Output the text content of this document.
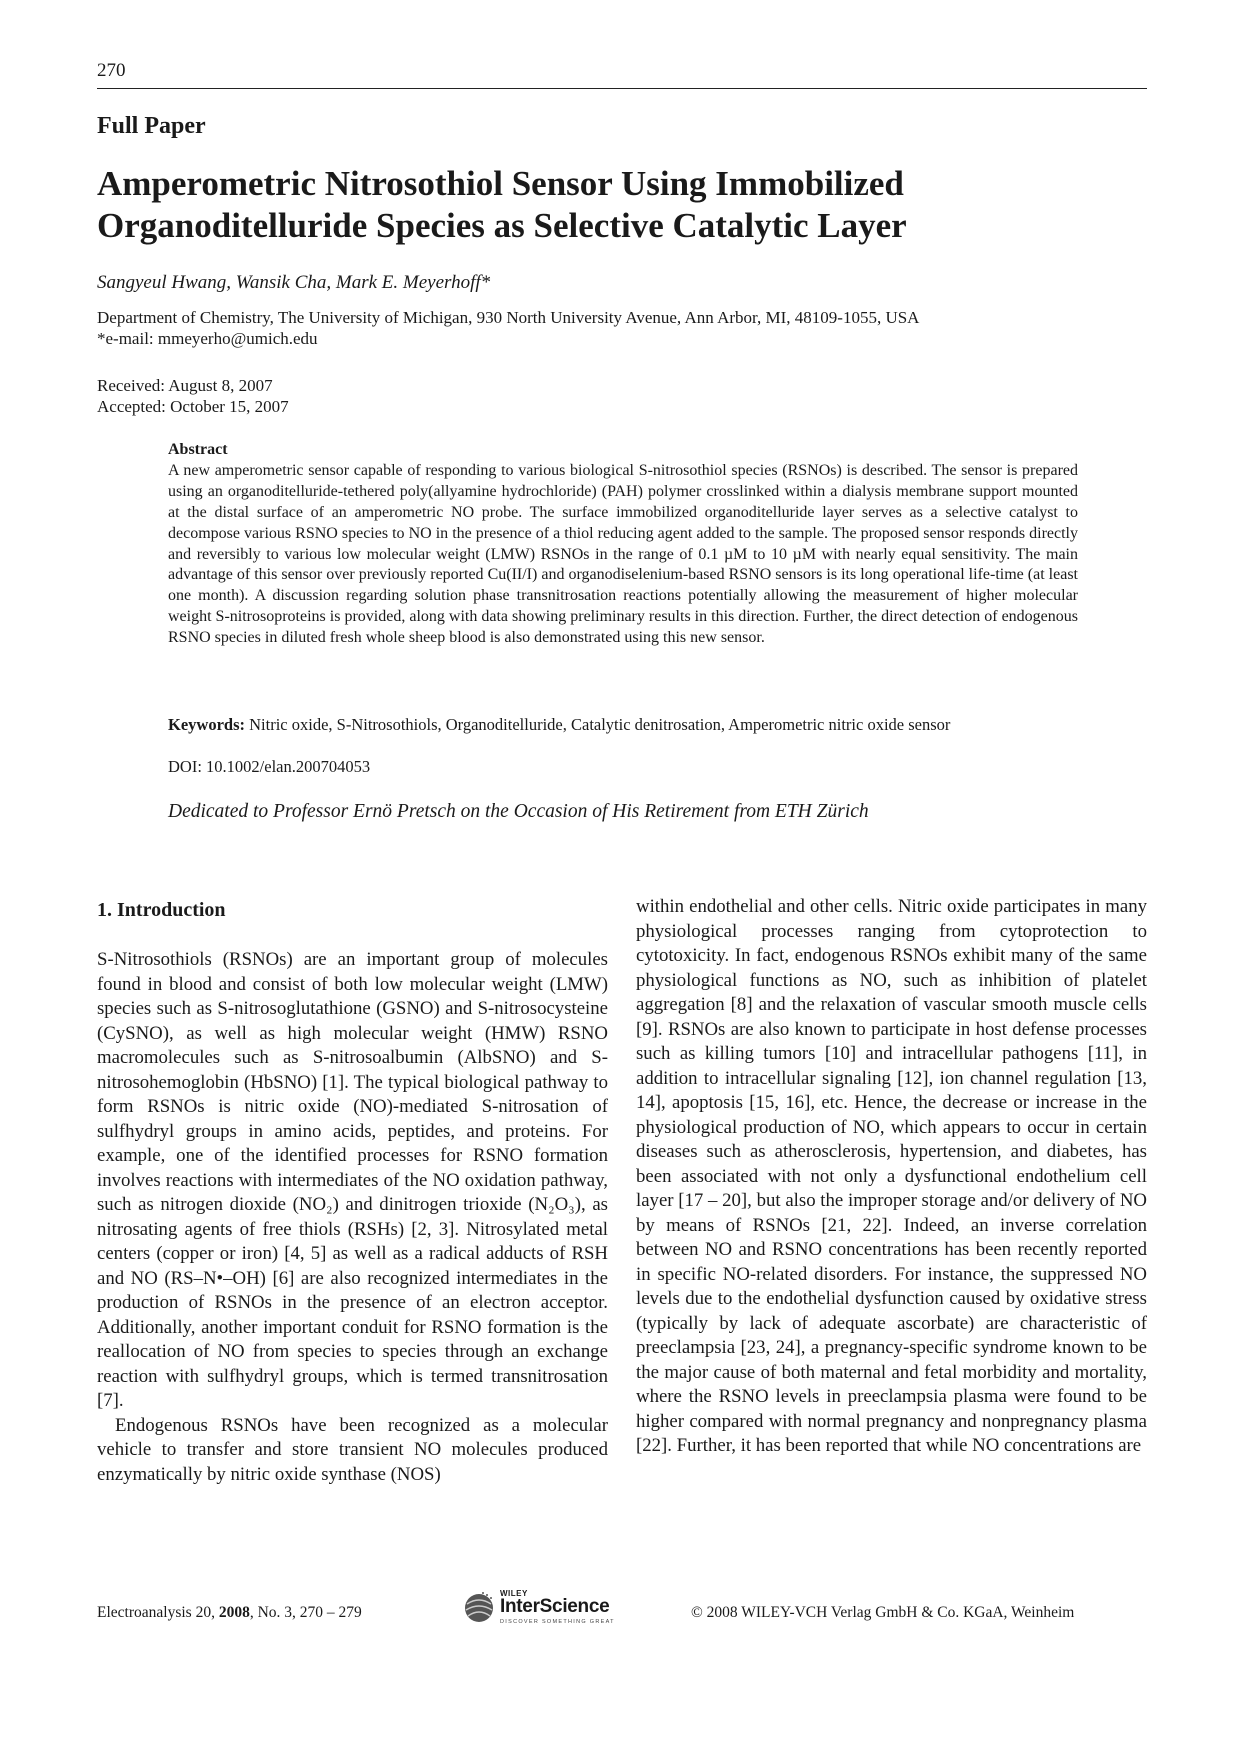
270
Full Paper
Amperometric Nitrosothiol Sensor Using Immobilized
Organoditelluride Species as Selective Catalytic Layer
Sangyeul Hwang, Wansik Cha, Mark E. Meyerhoff*
Department of Chemistry, The University of Michigan, 930 North University Avenue, Ann Arbor, MI, 48109-1055, USA
*e-mail: mmeyerho@umich.edu
Received: August 8, 2007
Accepted: October 15, 2007
Abstract
A new amperometric sensor capable of responding to various biological S-nitrosothiol species (RSNOs) is described. The sensor is prepared using an organoditelluride-tethered poly(allyamine hydrochloride) (PAH) polymer crosslinked within a dialysis membrane support mounted at the distal surface of an amperometric NO probe. The surface immobilized organoditelluride layer serves as a selective catalyst to decompose various RSNO species to NO in the presence of a thiol reducing agent added to the sample. The proposed sensor responds directly and reversibly to various low molecular weight (LMW) RSNOs in the range of 0.1 µM to 10 µM with nearly equal sensitivity. The main advantage of this sensor over previously reported Cu(II/I) and organodiselenium-based RSNO sensors is its long operational life-time (at least one month). A discussion regarding solution phase transnitrosation reactions potentially allowing the measurement of higher molecular weight S-nitrosoproteins is provided, along with data showing preliminary results in this direction. Further, the direct detection of endogenous RSNO species in diluted fresh whole sheep blood is also demonstrated using this new sensor.
Keywords: Nitric oxide, S-Nitrosothiols, Organoditelluride, Catalytic denitrosation, Amperometric nitric oxide sensor
DOI: 10.1002/elan.200704053
Dedicated to Professor Ernö Pretsch on the Occasion of His Retirement from ETH Zürich
1. Introduction

S-Nitrosothiols (RSNOs) are an important group of molecules found in blood and consist of both low molecular weight (LMW) species such as S-nitrosoglutathione (GSNO) and S-nitrosocysteine (CySNO), as well as high molecular weight (HMW) RSNO macromolecules such as S-nitrosoalbumin (AlbSNO) and S-nitrosohemoglobin (HbSNO) [1]. The typical biological pathway to form RSNOs is nitric oxide (NO)-mediated S-nitrosation of sulfhydryl groups in amino acids, peptides, and proteins. For example, one of the identified processes for RSNO formation involves reactions with intermediates of the NO oxidation pathway, such as nitrogen dioxide (NO₂) and dinitrogen trioxide (N₂O₃), as nitrosating agents of free thiols (RSHs) [2, 3]. Nitrosylated metal centers (copper or iron) [4, 5] as well as a radical adducts of RSH and NO (RS–N•–OH) [6] are also recognized intermediates in the production of RSNOs in the presence of an electron acceptor. Additionally, another important conduit for RSNO formation is the reallocation of NO from species to species through an exchange reaction with sulfhydryl groups, which is termed transnitrosation [7].

Endogenous RSNOs have been recognized as a molecular vehicle to transfer and store transient NO molecules produced enzymatically by nitric oxide synthase (NOS)

within endothelial and other cells. Nitric oxide participates in many physiological processes ranging from cytoprotection to cytotoxicity. In fact, endogenous RSNOs exhibit many of the same physiological functions as NO, such as inhibition of platelet aggregation [8] and the relaxation of vascular smooth muscle cells [9]. RSNOs are also known to participate in host defense processes such as killing tumors [10] and intracellular pathogens [11], in addition to intracellular signaling [12], ion channel regulation [13, 14], apoptosis [15, 16], etc. Hence, the decrease or increase in the physiological production of NO, which appears to occur in certain diseases such as atherosclerosis, hypertension, and diabetes, has been associated with not only a dysfunctional endothelium cell layer [17 – 20], but also the improper storage and/or delivery of NO by means of RSNOs [21, 22]. Indeed, an inverse correlation between NO and RSNO concentrations has been recently reported in specific NO-related disorders. For instance, the suppressed NO levels due to the endothelial dysfunction caused by oxidative stress (typically by lack of adequate ascorbate) are characteristic of preeclampsia [23, 24], a pregnancy-specific syndrome known to be the major cause of both maternal and fetal morbidity and mortality, where the RSNO levels in preeclampsia plasma were found to be higher compared with normal pregnancy and nonpregnancy plasma [22]. Further, it has been reported that while NO concentrations are

Electroanalysis 20, 2008, No. 3, 270 – 279
WILEY
InterScience
DISCOVER SOMETHING GREAT
© 2008 WILEY-VCH Verlag GmbH & Co. KGaA, Weinheim
